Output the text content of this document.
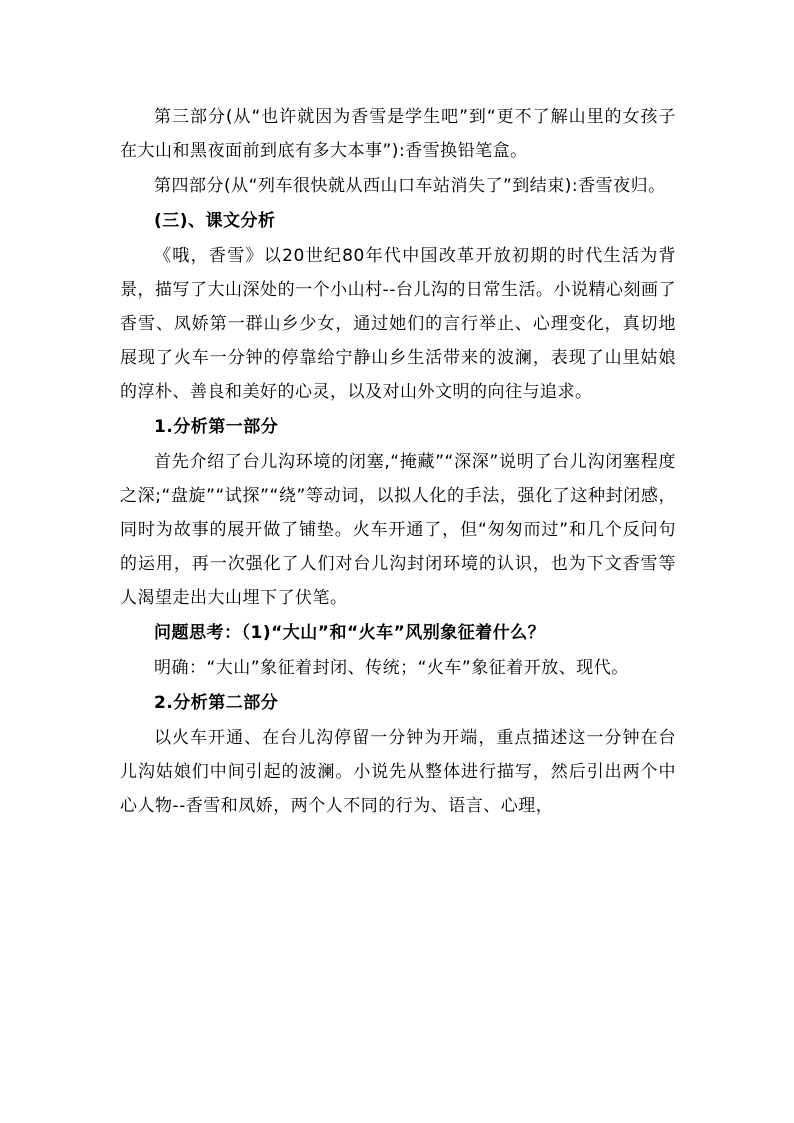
第三部分(从“也许就因为香雪是学生吧”到“更不了解山里的女孩子在大山和黑夜面前到底有多大本事”):香雪换铅笔盒。

第四部分(从“列车很快就从西山口车站消失了”到结束):香雪夜归。

(三)、课文分析

《哦，香雪》以20世纪80年代中国改革开放初期的时代生活为背景，描写了大山深处的一个小山村--台儿沟的日常生活。小说精心刻画了香雪、凤娇第一群山乡少女，通过她们的言行举止、心理变化，真切地展现了火车一分钟的停靠给宁静山乡生活带来的波澜，表现了山里姑娘的淳朴、善良和美好的心灵，以及对山外文明的向往与追求。

1.分析第一部分

首先介绍了台儿沟环境的闭塞,“掩藏”“深深”说明了台儿沟闭塞程度之深;“盘旋”“试探”“绕”等动词，以拟人化的手法，强化了这种封闭感，同时为故事的展开做了铺垫。火车开通了，但“匆匆而过”和几个反问句的运用，再一次强化了人们对台儿沟封闭环境的认识，也为下文香雪等人渴望走出大山埋下了伏笔。

问题思考：（1)“大山”和“火车”风别象征着什么？

明确：“大山”象征着封闭、传统；“火车”象征着开放、现代。

2.分析第二部分

以火车开通、在台儿沟停留一分钟为开端，重点描述这一分钟在台儿沟姑娘们中间引起的波澜。小说先从整体进行描写，然后引出两个中心人物--香雪和凤娇，两个人不同的行为、语言、心理，
